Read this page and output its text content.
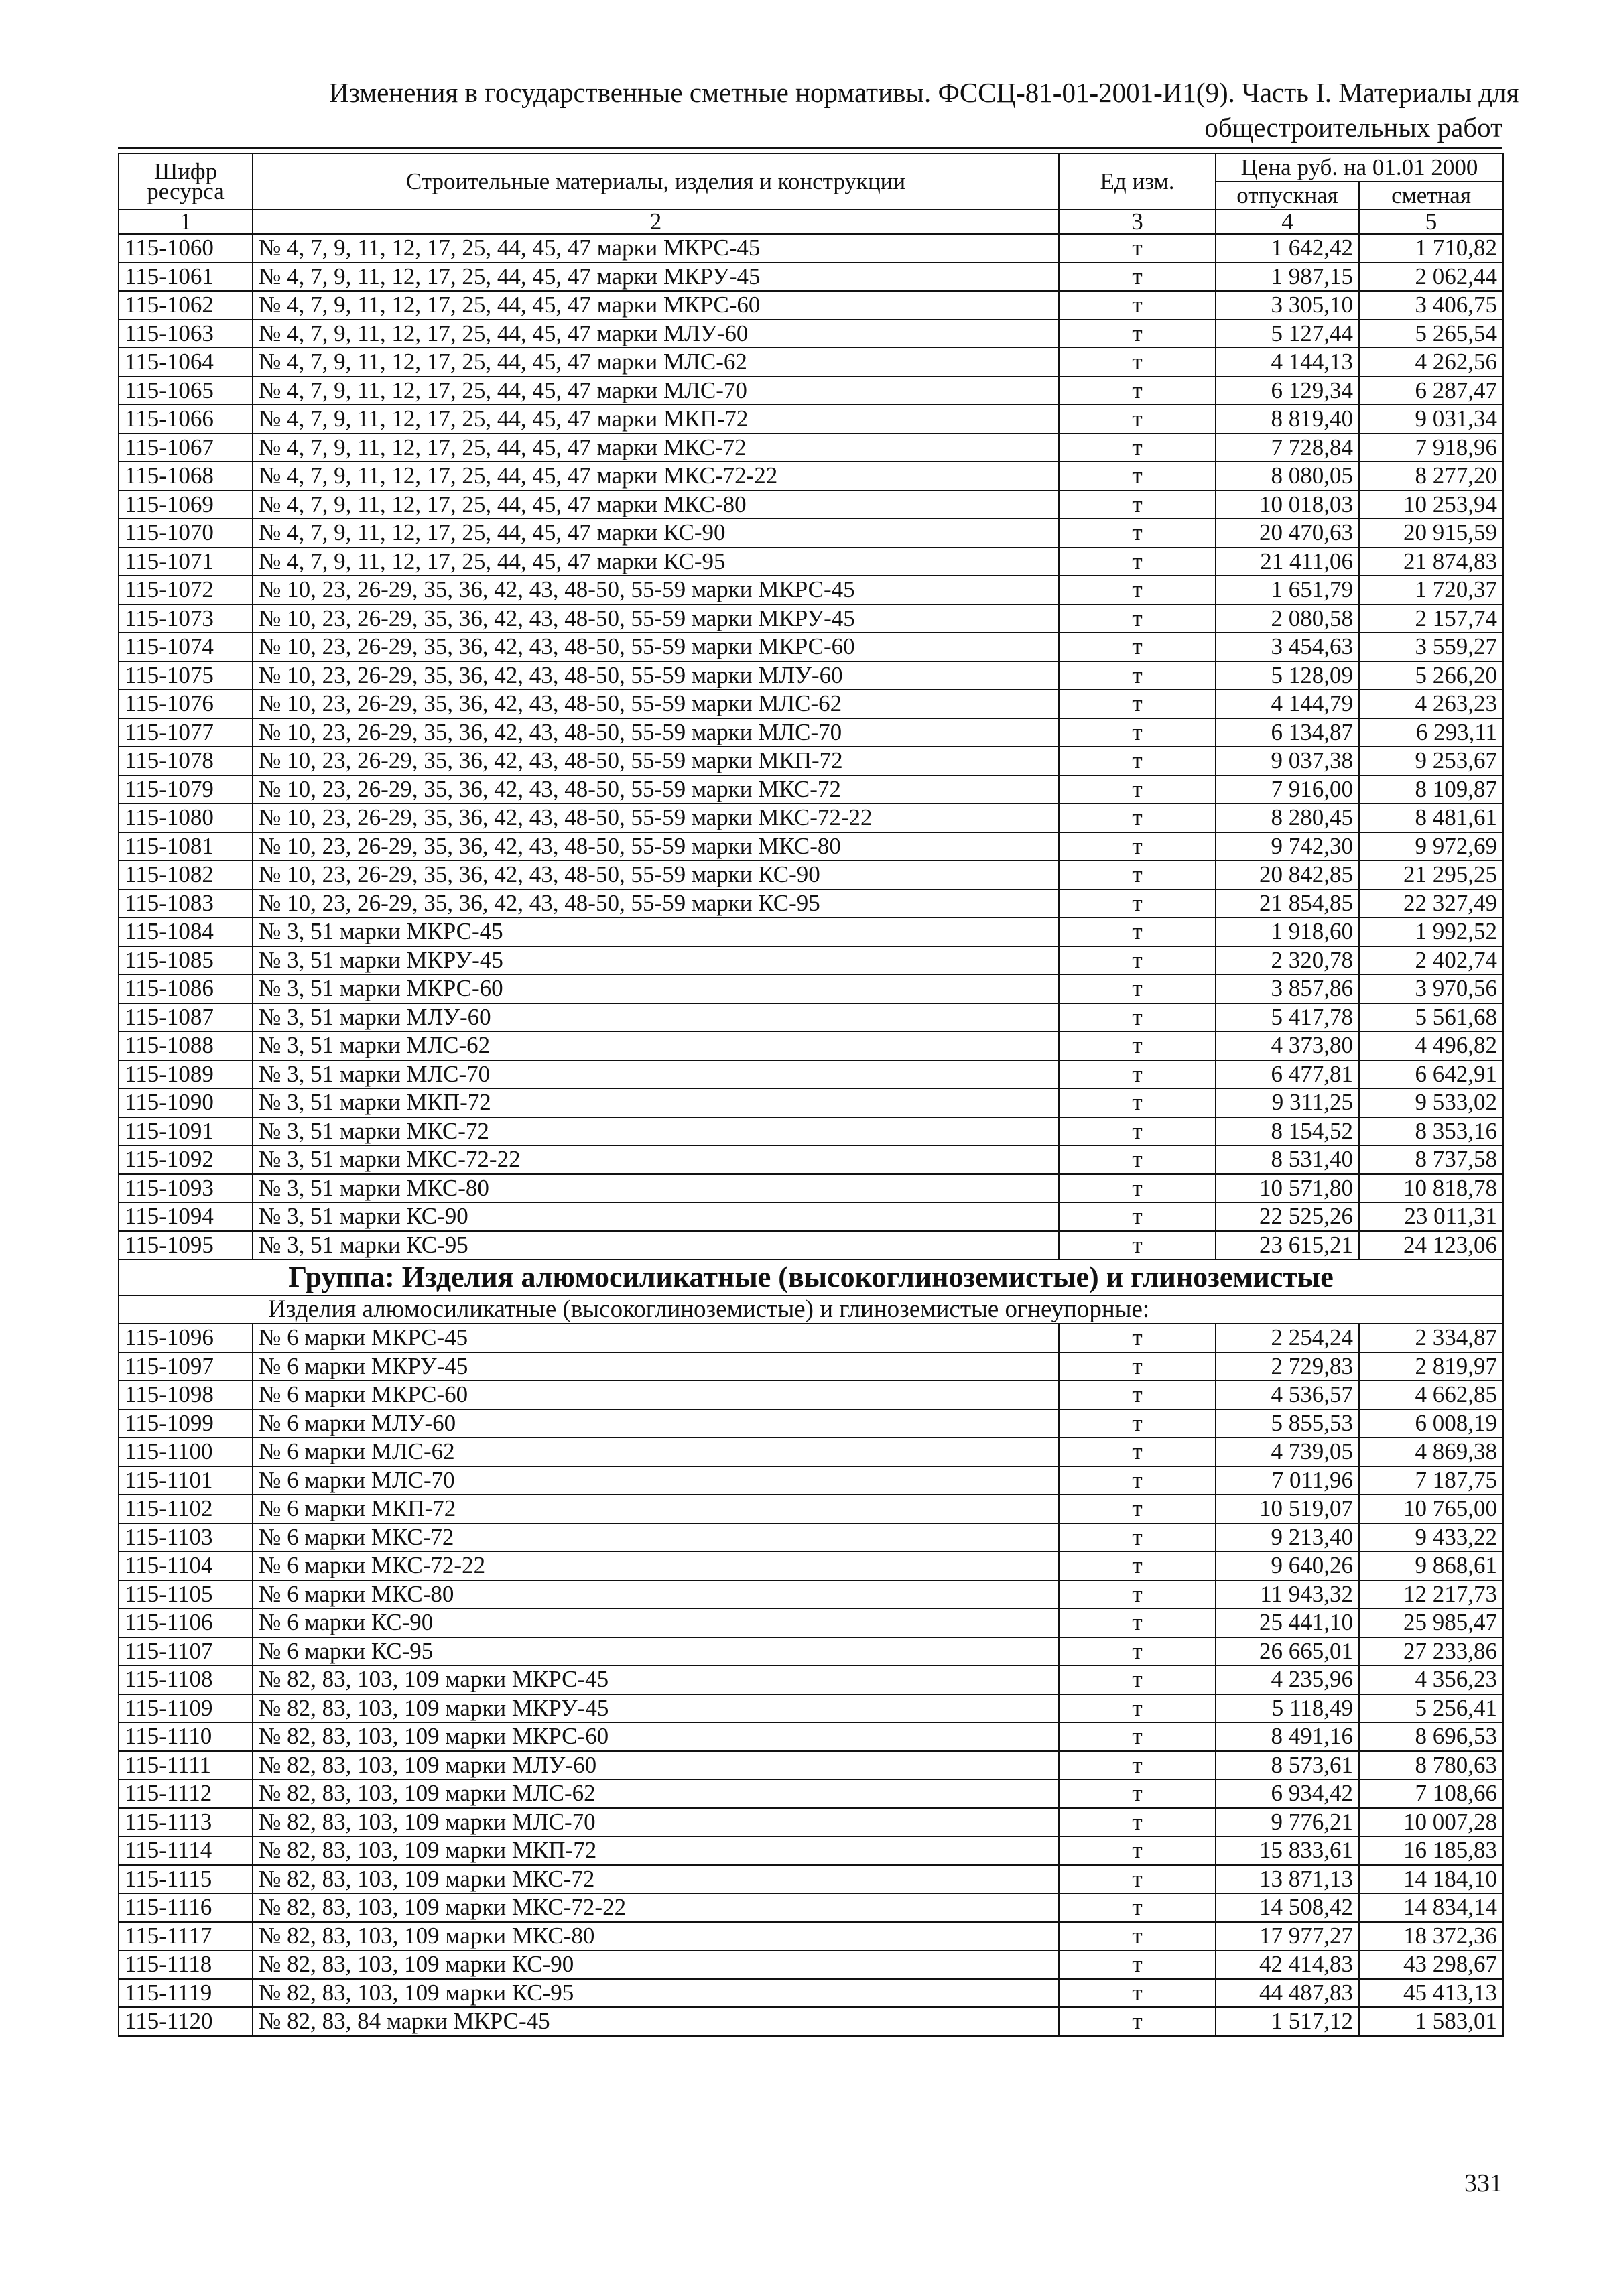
Изменения в государственные сметные нормативы. ФССЦ-81-01-2001-И1(9). Часть I. Материалы для
общестроительных работ
Шифр ресурса	Строительные материалы, изделия и конструкции	Ед изм.	Цена руб. на 01.01 2000	
			отпускная	сметная
1	2	3	4	5
115-1060	№ 4, 7, 9, 11, 12, 17, 25, 44, 45, 47 марки МКРС-45	т	1 642,42	1 710,82
115-1061	№ 4, 7, 9, 11, 12, 17, 25, 44, 45, 47 марки МКРУ-45	т	1 987,15	2 062,44
115-1062	№ 4, 7, 9, 11, 12, 17, 25, 44, 45, 47 марки МКРС-60	т	3 305,10	3 406,75
115-1063	№ 4, 7, 9, 11, 12, 17, 25, 44, 45, 47 марки МЛУ-60	т	5 127,44	5 265,54
115-1064	№ 4, 7, 9, 11, 12, 17, 25, 44, 45, 47 марки МЛС-62	т	4 144,13	4 262,56
115-1065	№ 4, 7, 9, 11, 12, 17, 25, 44, 45, 47 марки МЛС-70	т	6 129,34	6 287,47
115-1066	№ 4, 7, 9, 11, 12, 17, 25, 44, 45, 47 марки МКП-72	т	8 819,40	9 031,34
115-1067	№ 4, 7, 9, 11, 12, 17, 25, 44, 45, 47 марки МКС-72	т	7 728,84	7 918,96
115-1068	№ 4, 7, 9, 11, 12, 17, 25, 44, 45, 47 марки МКС-72-22	т	8 080,05	8 277,20
115-1069	№ 4, 7, 9, 11, 12, 17, 25, 44, 45, 47 марки МКС-80	т	10 018,03	10 253,94
115-1070	№ 4, 7, 9, 11, 12, 17, 25, 44, 45, 47 марки КС-90	т	20 470,63	20 915,59
115-1071	№ 4, 7, 9, 11, 12, 17, 25, 44, 45, 47 марки КС-95	т	21 411,06	21 874,83
115-1072	№ 10, 23, 26-29, 35, 36, 42, 43, 48-50, 55-59 марки МКРС-45	т	1 651,79	1 720,37
115-1073	№ 10, 23, 26-29, 35, 36, 42, 43, 48-50, 55-59 марки МКРУ-45	т	2 080,58	2 157,74
115-1074	№ 10, 23, 26-29, 35, 36, 42, 43, 48-50, 55-59 марки МКРС-60	т	3 454,63	3 559,27
115-1075	№ 10, 23, 26-29, 35, 36, 42, 43, 48-50, 55-59 марки МЛУ-60	т	5 128,09	5 266,20
115-1076	№ 10, 23, 26-29, 35, 36, 42, 43, 48-50, 55-59 марки МЛС-62	т	4 144,79	4 263,23
115-1077	№ 10, 23, 26-29, 35, 36, 42, 43, 48-50, 55-59 марки МЛС-70	т	6 134,87	6 293,11
115-1078	№ 10, 23, 26-29, 35, 36, 42, 43, 48-50, 55-59 марки МКП-72	т	9 037,38	9 253,67
115-1079	№ 10, 23, 26-29, 35, 36, 42, 43, 48-50, 55-59 марки МКС-72	т	7 916,00	8 109,87
115-1080	№ 10, 23, 26-29, 35, 36, 42, 43, 48-50, 55-59 марки МКС-72-22	т	8 280,45	8 481,61
115-1081	№ 10, 23, 26-29, 35, 36, 42, 43, 48-50, 55-59 марки МКС-80	т	9 742,30	9 972,69
115-1082	№ 10, 23, 26-29, 35, 36, 42, 43, 48-50, 55-59 марки КС-90	т	20 842,85	21 295,25
115-1083	№ 10, 23, 26-29, 35, 36, 42, 43, 48-50, 55-59 марки КС-95	т	21 854,85	22 327,49
115-1084	№ 3, 51 марки МКРС-45	т	1 918,60	1 992,52
115-1085	№ 3, 51 марки МКРУ-45	т	2 320,78	2 402,74
115-1086	№ 3, 51 марки МКРС-60	т	3 857,86	3 970,56
115-1087	№ 3, 51 марки МЛУ-60	т	5 417,78	5 561,68
115-1088	№ 3, 51 марки МЛС-62	т	4 373,80	4 496,82
115-1089	№ 3, 51 марки МЛС-70	т	6 477,81	6 642,91
115-1090	№ 3, 51 марки МКП-72	т	9 311,25	9 533,02
115-1091	№ 3, 51 марки МКС-72	т	8 154,52	8 353,16
115-1092	№ 3, 51 марки МКС-72-22	т	8 531,40	8 737,58
115-1093	№ 3, 51 марки МКС-80	т	10 571,80	10 818,78
115-1094	№ 3, 51 марки КС-90	т	22 525,26	23 011,31
115-1095	№ 3, 51 марки КС-95	т	23 615,21	24 123,06
Группа: Изделия алюмосиликатные (высокоглиноземистые) и глиноземистые				
Изделия алюмосиликатные (высокоглиноземистые) и глиноземистые огнеупорные:				
115-1096	№ 6 марки МКРС-45	т	2 254,24	2 334,87
115-1097	№ 6 марки МКРУ-45	т	2 729,83	2 819,97
115-1098	№ 6 марки МКРС-60	т	4 536,57	4 662,85
115-1099	№ 6 марки МЛУ-60	т	5 855,53	6 008,19
115-1100	№ 6 марки МЛС-62	т	4 739,05	4 869,38
115-1101	№ 6 марки МЛС-70	т	7 011,96	7 187,75
115-1102	№ 6 марки МКП-72	т	10 519,07	10 765,00
115-1103	№ 6 марки МКС-72	т	9 213,40	9 433,22
115-1104	№ 6 марки МКС-72-22	т	9 640,26	9 868,61
115-1105	№ 6 марки МКС-80	т	11 943,32	12 217,73
115-1106	№ 6 марки КС-90	т	25 441,10	25 985,47
115-1107	№ 6 марки КС-95	т	26 665,01	27 233,86
115-1108	№ 82, 83, 103, 109 марки МКРС-45	т	4 235,96	4 356,23
115-1109	№ 82, 83, 103, 109 марки МКРУ-45	т	5 118,49	5 256,41
115-1110	№ 82, 83, 103, 109 марки МКРС-60	т	8 491,16	8 696,53
115-1111	№ 82, 83, 103, 109 марки МЛУ-60	т	8 573,61	8 780,63
115-1112	№ 82, 83, 103, 109 марки МЛС-62	т	6 934,42	7 108,66
115-1113	№ 82, 83, 103, 109 марки МЛС-70	т	9 776,21	10 007,28
115-1114	№ 82, 83, 103, 109 марки МКП-72	т	15 833,61	16 185,83
115-1115	№ 82, 83, 103, 109 марки МКС-72	т	13 871,13	14 184,10
115-1116	№ 82, 83, 103, 109 марки МКС-72-22	т	14 508,42	14 834,14
115-1117	№ 82, 83, 103, 109 марки МКС-80	т	17 977,27	18 372,36
115-1118	№ 82, 83, 103, 109 марки КС-90	т	42 414,83	43 298,67
115-1119	№ 82, 83, 103, 109 марки КС-95	т	44 487,83	45 413,13
115-1120	№ 82, 83, 84 марки МКРС-45	т	1 517,12	1 583,01
331
